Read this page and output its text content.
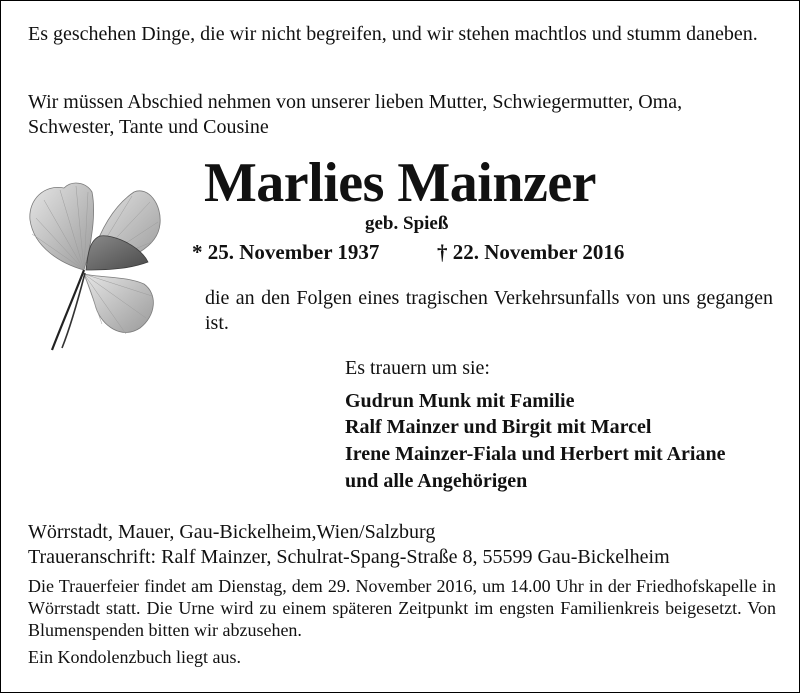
Es geschehen Dinge, die wir nicht begreifen, und wir stehen machtlos und stumm daneben.
Wir müssen Abschied nehmen von unserer lieben Mutter, Schwiegermutter, Oma, Schwester, Tante und Cousine
Marlies Mainzer
geb. Spieß
* 25. November 1937	† 22. November 2016
die an den Folgen eines tragischen Verkehrsunfalls von uns gegangen ist.
Es trauern um sie:
Gudrun Munk mit Familie
Ralf Mainzer und Birgit mit Marcel
Irene Mainzer-Fiala und Herbert mit Ariane
und alle Angehörigen
Wörrstadt, Mauer, Gau-Bickelheim,Wien/Salzburg
Traueranschrift: Ralf Mainzer, Schulrat-Spang-Straße 8, 55599 Gau-Bickelheim
Die Trauerfeier findet am Dienstag, dem 29. November 2016, um 14.00 Uhr in der Friedhofskapelle in Wörrstadt statt. Die Urne wird zu einem späteren Zeitpunkt im engsten Familienkreis beigesetzt. Von Blumenspenden bitten wir abzusehen.
Ein Kondolenzbuch liegt aus.
